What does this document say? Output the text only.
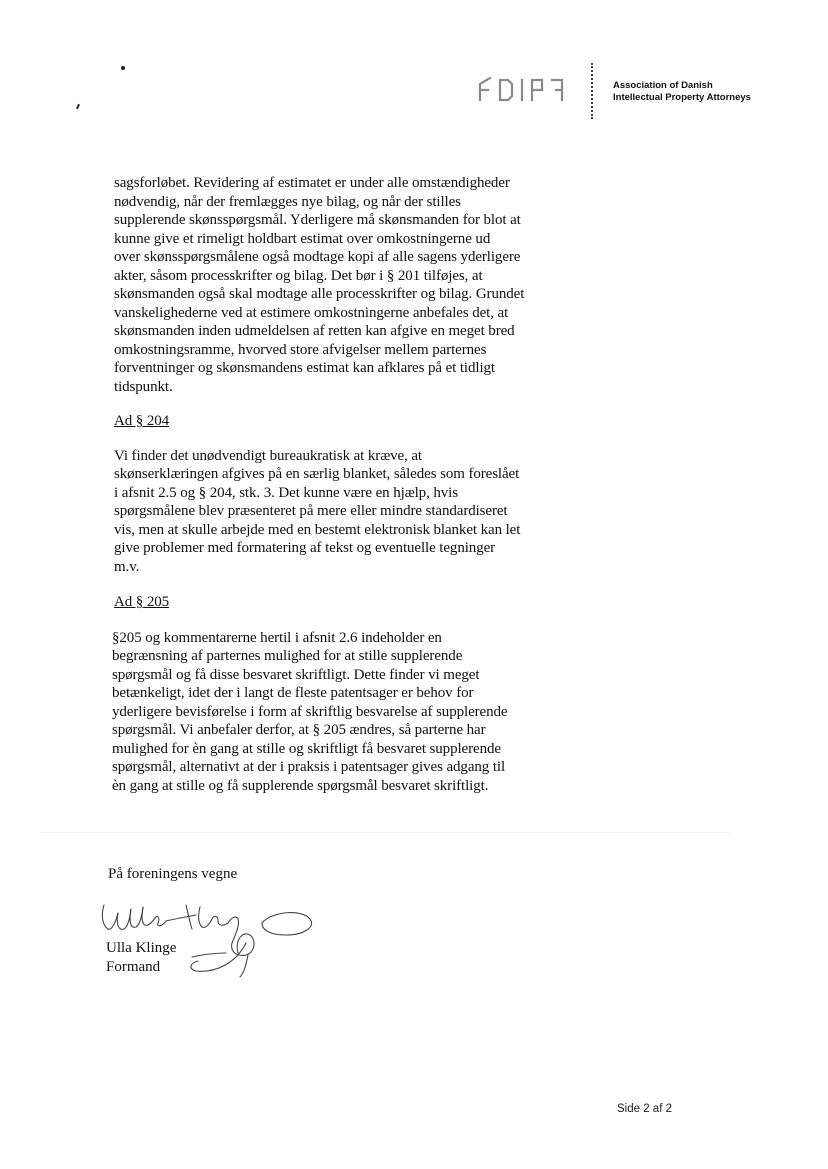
ADIPA
Association of Danish
Intellectual Property Attorneys

sagsforløbet. Revidering af estimatet er under alle omstændigheder

nødvendig, når der fremlægges nye bilag, og når der stilles

supplerende skønsspørgsmål. Yderligere må skønsmanden for blot at

kunne give et rimeligt holdbart estimat over omkostningerne ud

over skønsspørgsmålene også modtage kopi af alle sagens yderligere

akter, såsom processkrifter og bilag. Det bør i § 201 tilføjes, at

skønsmanden også skal modtage alle processkrifter og bilag. Grundet

vanskelighederne ved at estimere omkostningerne anbefales det, at

skønsmanden inden udmeldelsen af retten kan afgive en meget bred

omkostningsramme, hvorved store afvigelser mellem parternes

forventninger og skønsmandens estimat kan afklares på et tidligt

tidspunkt.

Ad § 204

Vi finder det unødvendigt bureaukratisk at kræve, at

skønserklæringen afgives på en særlig blanket, således som foreslået

i afsnit 2.5 og § 204, stk. 3. Det kunne være en hjælp, hvis

spørgsmålene blev præsenteret på mere eller mindre standardiseret

vis, men at skulle arbejde med en bestemt elektronisk blanket kan let

give problemer med formatering af tekst og eventuelle tegninger

m.v.

Ad § 205

§205 og kommentarerne hertil i afsnit 2.6 indeholder en

begrænsning af parternes mulighed for at stille supplerende

spørgsmål og få disse besvaret skriftligt. Dette finder vi meget

betænkeligt, idet der i langt de fleste patentsager er behov for

yderligere bevisførelse i form af skriftlig besvarelse af supplerende

spørgsmål. Vi anbefaler derfor, at § 205 ændres, så parterne har

mulighed for èn gang at stille og skriftligt få besvaret supplerende

spørgsmål, alternativt at der i praksis i patentsager gives adgang til

èn gang at stille og få supplerende spørgsmål besvaret skriftligt.

På foreningens vegne
Ulla Klinge
Formand
Side 2 af 2
